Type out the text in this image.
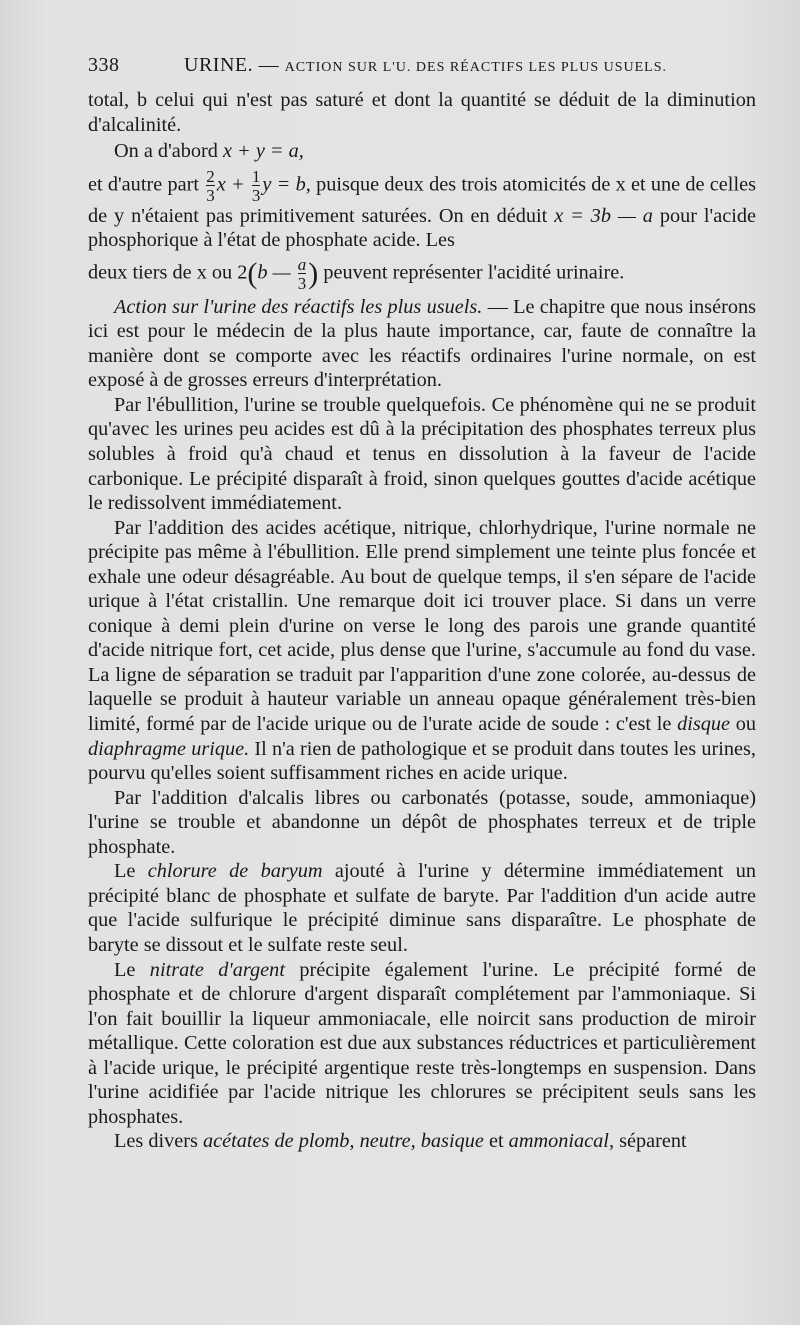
338	URINE. — ACTION SUR L'U. DES RÉACTIFS LES PLUS USUELS.

total, b celui qui n'est pas saturé et dont la quantité se déduit de la diminution d'alcalinité.

On a d'abord x + y = a,

et d'autre part $\frac{2}{3}$ $x + \frac{1}{3}$ y = b, puisque deux des trois atomicités de x et une de celles de y n'étaient pas primitivement saturées. On en déduit x = 3b — a pour l'acide phosphorique à l'état de phosphate acide. Les

deux tiers de x ou 2(b — $\frac{a}{3}$ ) peuvent représenter l'acidité urinaire.

Action sur l'urine des réactifs les plus usuels. — Le chapitre que nous insérons ici est pour le médecin de la plus haute importance, car, faute de connaître la manière dont se comporte avec les réactifs ordinaires l'urine normale, on est exposé à de grosses erreurs d'interprétation.

Par l'ébullition, l'urine se trouble quelquefois. Ce phénomène qui ne se produit qu'avec les urines peu acides est dû à la précipitation des phosphates terreux plus solubles à froid qu'à chaud et tenus en dissolution à la faveur de l'acide carbonique. Le précipité disparaît à froid, sinon quelques gouttes d'acide acétique le redissolvent immédiatement.

Par l'addition des acides acétique, nitrique, chlorhydrique, l'urine normale ne précipite pas même à l'ébullition. Elle prend simplement une teinte plus foncée et exhale une odeur désagréable. Au bout de quelque temps, il s'en sépare de l'acide urique à l'état cristallin. Une remarque doit ici trouver place. Si dans un verre conique à demi plein d'urine on verse le long des parois une grande quantité d'acide nitrique fort, cet acide, plus dense que l'urine, s'accumule au fond du vase. La ligne de séparation se traduit par l'apparition d'une zone colorée, au-dessus de laquelle se produit à hauteur variable un anneau opaque généralement très-bien limité, formé par de l'acide urique ou de l'urate acide de soude : c'est le disque ou diaphragme urique. Il n'a rien de pathologique et se produit dans toutes les urines, pourvu qu'elles soient suffisamment riches en acide urique.

Par l'addition d'alcalis libres ou carbonatés (potasse, soude, ammoniaque) l'urine se trouble et abandonne un dépôt de phosphates terreux et de triple phosphate.

Le chlorure de baryum ajouté à l'urine y détermine immédiatement un précipité blanc de phosphate et sulfate de baryte. Par l'addition d'un acide autre que l'acide sulfurique le précipité diminue sans disparaître. Le phosphate de baryte se dissout et le sulfate reste seul.

Le nitrate d'argent précipite également l'urine. Le précipité formé de phosphate et de chlorure d'argent disparaît complétement par l'ammoniaque. Si l'on fait bouillir la liqueur ammoniacale, elle noircit sans production de miroir métallique. Cette coloration est due aux substances réductrices et particulièrement à l'acide urique, le précipité argentique reste très-longtemps en suspension. Dans l'urine acidifiée par l'acide nitrique les chlorures se précipitent seuls sans les phosphates.

Les divers acétates de plomb, neutre, basique et ammoniacal, séparent
